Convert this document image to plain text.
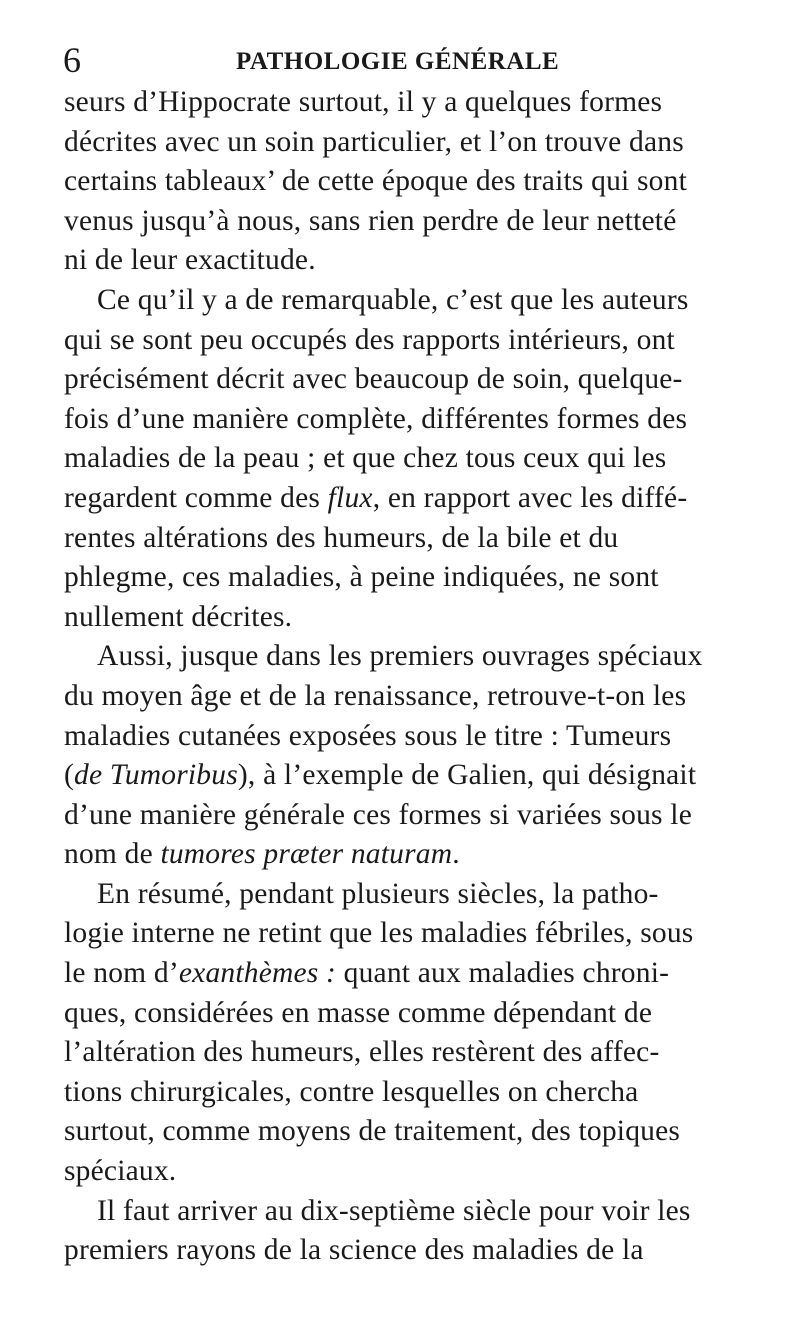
6	PATHOLOGIE GÉNÉRALE
seurs d’Hippocrate surtout, il y a quelques formes
décrites avec un soin particulier, et l’on trouve dans
certains tableaux’ de cette époque des traits qui sont
venus jusqu’à nous, sans rien perdre de leur netteté
ni de leur exactitude.
Ce qu’il y a de remarquable, c’est que les auteurs
qui se sont peu occupés des rapports intérieurs, ont
précisément décrit avec beaucoup de soin, quelque-
fois d’une manière complète, différentes formes des
maladies de la peau ; et que chez tous ceux qui les
regardent comme des flux, en rapport avec les diffé-
rentes altérations des humeurs, de la bile et du
phlegme, ces maladies, à peine indiquées, ne sont
nullement décrites.
Aussi, jusque dans les premiers ouvrages spéciaux
du moyen âge et de la renaissance, retrouve-t-on les
maladies cutanées exposées sous le titre : Tumeurs
(de Tumoribus), à l’exemple de Galien, qui désignait
d’une manière générale ces formes si variées sous le
nom de tumores præter naturam.
En résumé, pendant plusieurs siècles, la patho-
logie interne ne retint que les maladies fébriles, sous
le nom d’exanthèmes : quant aux maladies chroni-
ques, considérées en masse comme dépendant de
l’altération des humeurs, elles restèrent des affec-
tions chirurgicales, contre lesquelles on chercha
surtout, comme moyens de traitement, des topiques
spéciaux.
Il faut arriver au dix-septième siècle pour voir les
premiers rayons de la science des maladies de la
